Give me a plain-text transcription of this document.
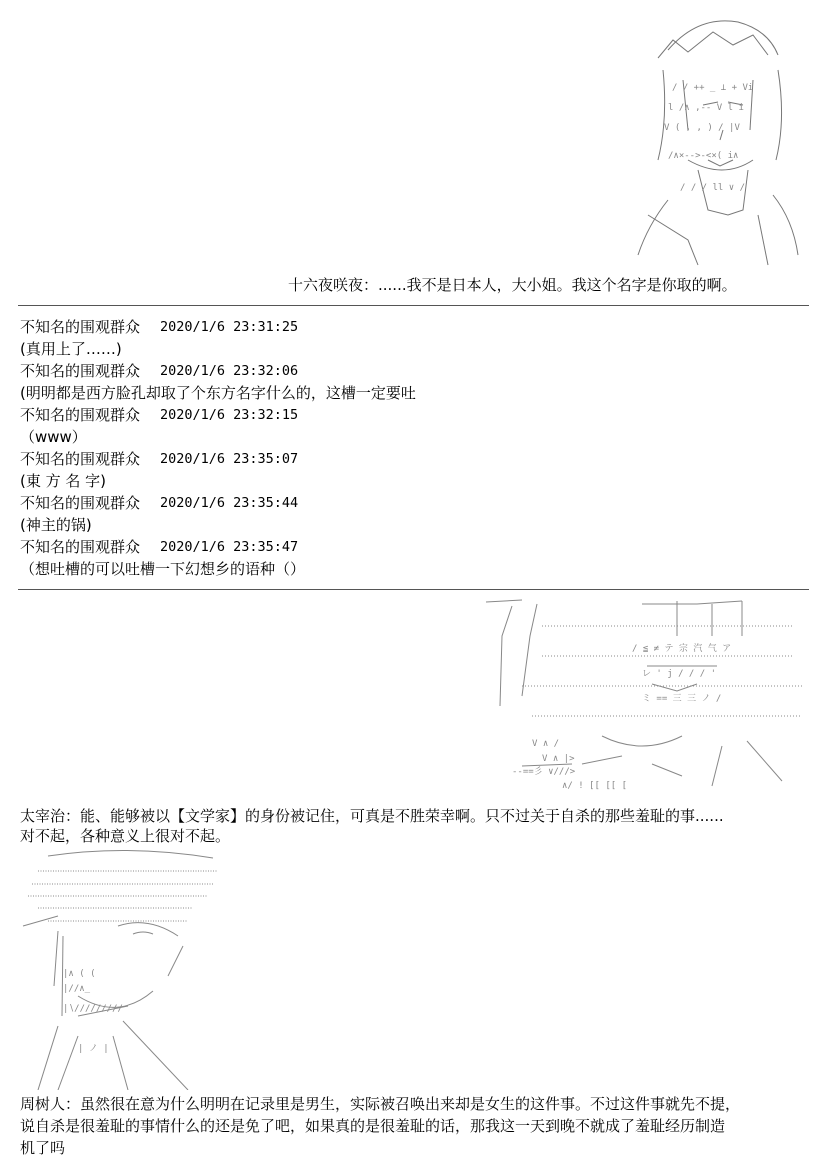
/ / ++ _ ⊥ + Vi
l /∧ ,-- V l i
V ( , , ) / |V
/∧×-->-<×( i∧
/ / / ll ∨ /
十六夜咲夜：......我不是日本人，大小姐。我这个名字是你取的啊。
不知名的围观群众 2020/1/6 23:31:25
(真用上了……)
不知名的围观群众 2020/1/6 23:32:06
(明明都是西方脸孔却取了个东方名字什么的，这槽一定要吐
不知名的围观群众 2020/1/6 23:32:15
（www）
不知名的围观群众 2020/1/6 23:35:07
(東 方 名 字)
不知名的围观群众 2020/1/6 23:35:44
(神主的锅)
不知名的围观群众 2020/1/6 23:35:47
（想吐槽的可以吐槽一下幻想乡的语种（）
/ ≦ ≠ テ 宗 汽 气 ア
レ ' j / / / '
ミ == 三 三 ノ /
V ∧ /
V ∧ |>
--==彡 ∨///>
∧/ ! [[ [[ [
太宰治：能、能够被以【文学家】的身份被记住，可真是不胜荣幸啊。只不过关于自杀的那些羞耻的事......
对不起，各种意义上很对不起。
|∧ ( (
|//∧_
|∖/////////
| ノ |
周树人：虽然很在意为什么明明在记录里是男生，实际被召唤出来却是女生的这件事。不过这件事就先不提，
说自杀是很羞耻的事情什么的还是免了吧，如果真的是很羞耻的话，那我这一天到晚不就成了羞耻经历制造
机了吗
